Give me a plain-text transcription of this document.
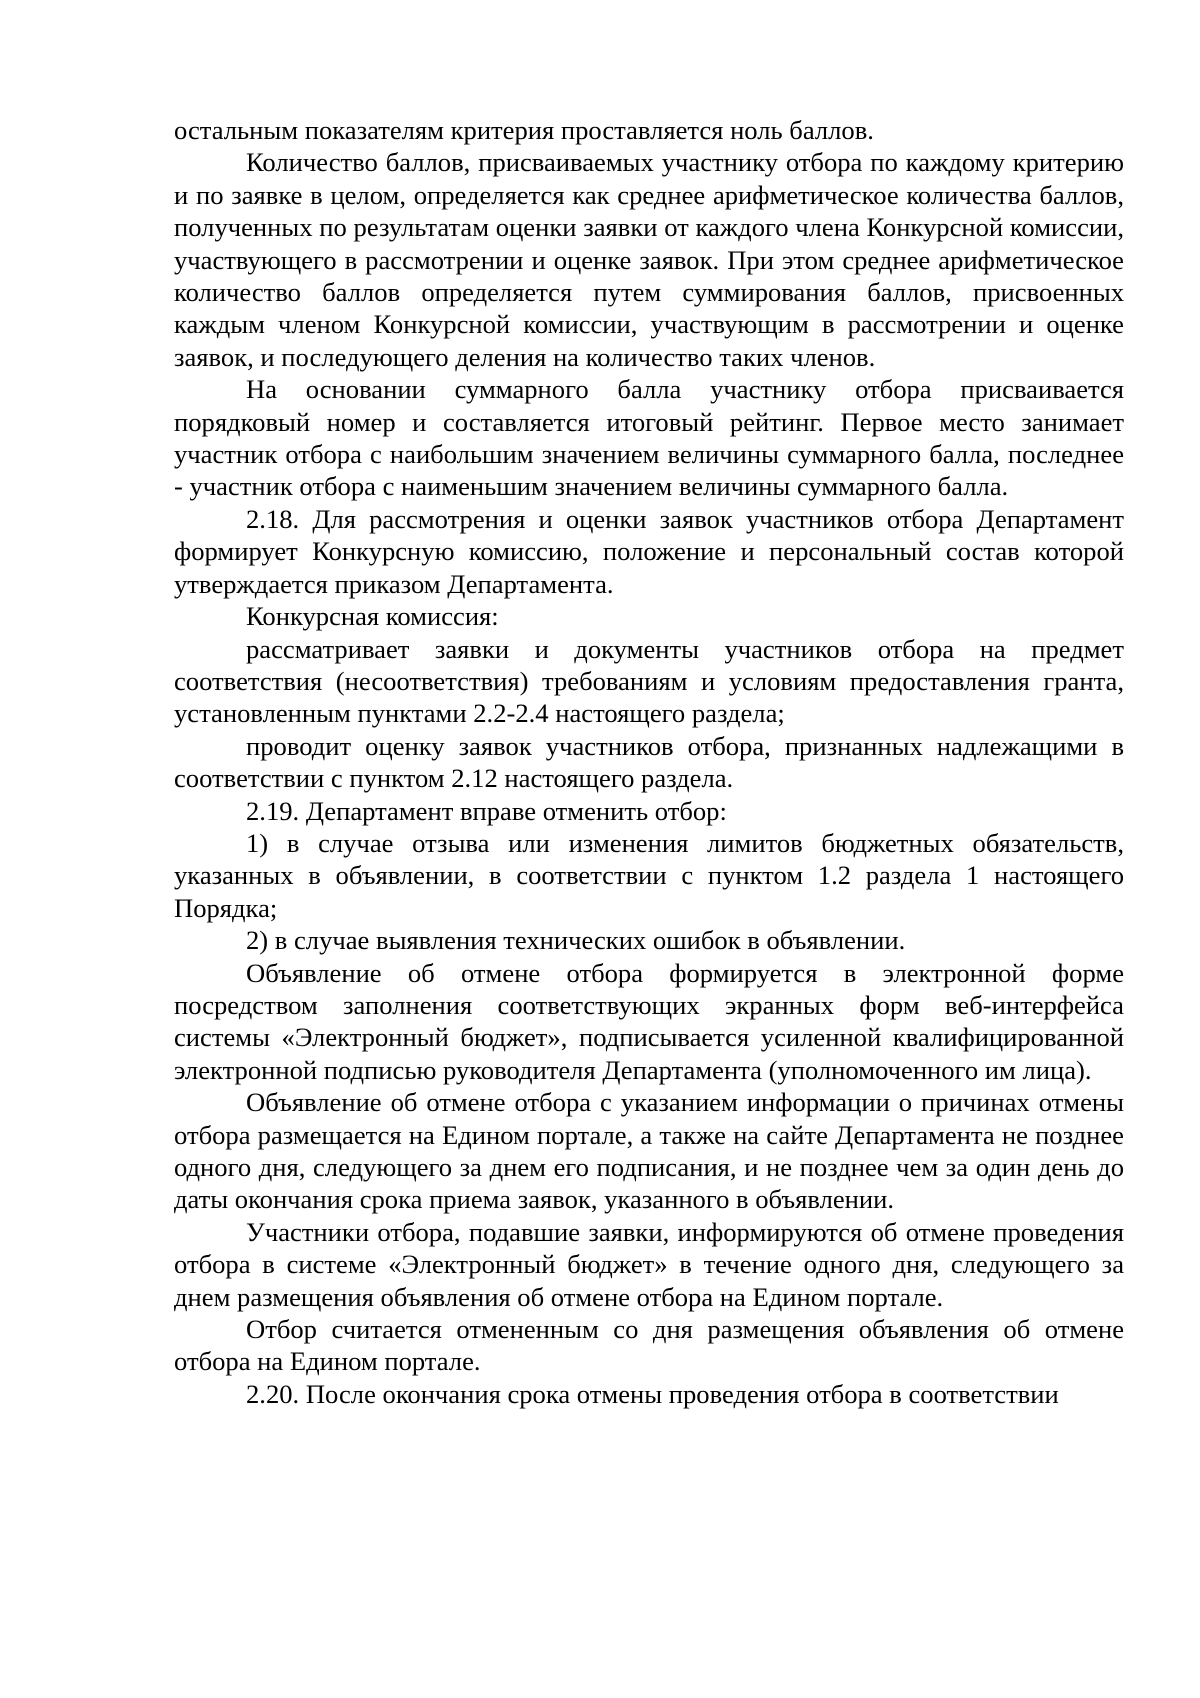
остальным показателям критерия проставляется ноль баллов.

Количество баллов, присваиваемых участнику отбора по каждому критерию и по заявке в целом, определяется как среднее арифметическое количества баллов, полученных по результатам оценки заявки от каждого члена Конкурсной комиссии, участвующего в рассмотрении и оценке заявок. При этом среднее арифметическое количество баллов определяется путем суммирования баллов, присвоенных каждым членом Конкурсной комиссии, участвующим в рассмотрении и оценке заявок, и последующего деления на количество таких членов.

На основании суммарного балла участнику отбора присваивается порядковый номер и составляется итоговый рейтинг. Первое место занимает участник отбора с наибольшим значением величины суммарного балла, последнее - участник отбора с наименьшим значением величины суммарного балла.

2.18. Для рассмотрения и оценки заявок участников отбора Департамент формирует Конкурсную комиссию, положение и персональный состав которой утверждается приказом Департамента.

Конкурсная комиссия:

рассматривает заявки и документы участников отбора на предмет соответствия (несоответствия) требованиям и условиям предоставления гранта, установленным пунктами 2.2-2.4 настоящего раздела;

проводит оценку заявок участников отбора, признанных надлежащими в соответствии с пунктом 2.12 настоящего раздела.

2.19. Департамент вправе отменить отбор:

1) в случае отзыва или изменения лимитов бюджетных обязательств, указанных в объявлении, в соответствии с пунктом 1.2 раздела 1 настоящего Порядка;

2) в случае выявления технических ошибок в объявлении.

Объявление об отмене отбора формируется в электронной форме посредством заполнения соответствующих экранных форм веб-интерфейса системы «Электронный бюджет», подписывается усиленной квалифицированной электронной подписью руководителя Департамента (уполномоченного им лица).

Объявление об отмене отбора с указанием информации о причинах отмены отбора размещается на Едином портале, а также на сайте Департамента не позднее одного дня, следующего за днем его подписания, и не позднее чем за один день до даты окончания срока приема заявок, указанного в объявлении.

Участники отбора, подавшие заявки, информируются об отмене проведения отбора в системе «Электронный бюджет» в течение одного дня, следующего за днем размещения объявления об отмене отбора на Едином портале.

Отбор считается отмененным со дня размещения объявления об отмене отбора на Едином портале.

2.20. После окончания срока отмены проведения отбора в соответствии
